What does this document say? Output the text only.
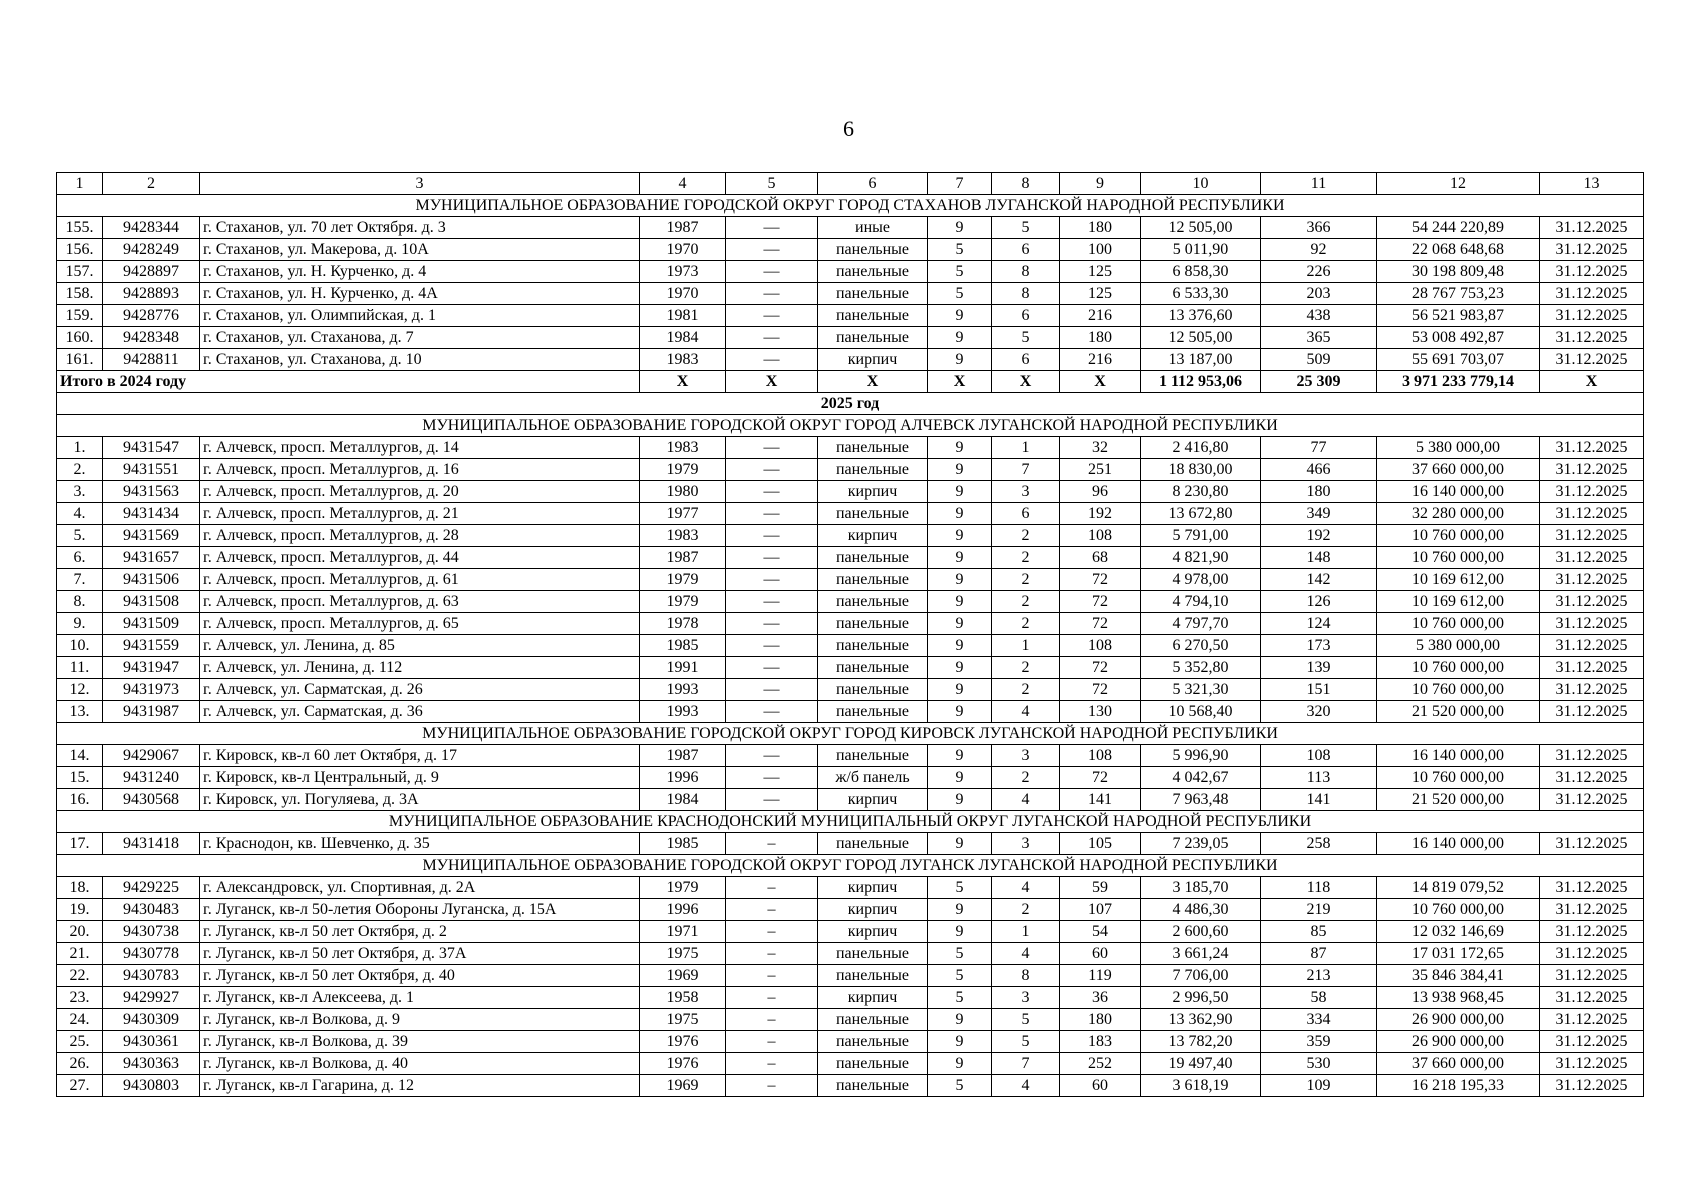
6
1	2	3	4	5	6	7	8	9	10	11	12	13
МУНИЦИПАЛЬНОЕ ОБРАЗОВАНИЕ ГОРОДСКОЙ ОКРУГ ГОРОД СТАХАНОВ ЛУГАНСКОЙ НАРОДНОЙ РЕСПУБЛИКИ												
155.	9428344	г. Стаханов, ул. 70 лет Октября. д. 3	1987	—	иные	9	5	180	12 505,00	366	54 244 220,89	31.12.2025
156.	9428249	г. Стаханов, ул. Макерова, д. 10А	1970	—	панельные	5	6	100	5 011,90	92	22 068 648,68	31.12.2025
157.	9428897	г. Стаханов, ул. Н. Курченко, д. 4	1973	—	панельные	5	8	125	6 858,30	226	30 198 809,48	31.12.2025
158.	9428893	г. Стаханов, ул. Н. Курченко, д. 4А	1970	—	панельные	5	8	125	6 533,30	203	28 767 753,23	31.12.2025
159.	9428776	г. Стаханов, ул. Олимпийская, д. 1	1981	—	панельные	9	6	216	13 376,60	438	56 521 983,87	31.12.2025
160.	9428348	г. Стаханов, ул. Стаханова, д. 7	1984	—	панельные	9	5	180	12 505,00	365	53 008 492,87	31.12.2025
161.	9428811	г. Стаханов, ул. Стаханова, д. 10	1983	—	кирпич	9	6	216	13 187,00	509	55 691 703,07	31.12.2025
Итого в 2024 году			X	X	X	X	X	X	1 112 953,06	25 309	3 971 233 779,14	X
2025 год												
МУНИЦИПАЛЬНОЕ ОБРАЗОВАНИЕ ГОРОДСКОЙ ОКРУГ ГОРОД АЛЧЕВСК ЛУГАНСКОЙ НАРОДНОЙ РЕСПУБЛИКИ												
1.	9431547	г. Алчевск, просп. Металлургов, д. 14	1983	—	панельные	9	1	32	2 416,80	77	5 380 000,00	31.12.2025
2.	9431551	г. Алчевск, просп. Металлургов, д. 16	1979	—	панельные	9	7	251	18 830,00	466	37 660 000,00	31.12.2025
3.	9431563	г. Алчевск, просп. Металлургов, д. 20	1980	—	кирпич	9	3	96	8 230,80	180	16 140 000,00	31.12.2025
4.	9431434	г. Алчевск, просп. Металлургов, д. 21	1977	—	панельные	9	6	192	13 672,80	349	32 280 000,00	31.12.2025
5.	9431569	г. Алчевск, просп. Металлургов, д. 28	1983	—	кирпич	9	2	108	5 791,00	192	10 760 000,00	31.12.2025
6.	9431657	г. Алчевск, просп. Металлургов, д. 44	1987	—	панельные	9	2	68	4 821,90	148	10 760 000,00	31.12.2025
7.	9431506	г. Алчевск, просп. Металлургов, д. 61	1979	—	панельные	9	2	72	4 978,00	142	10 169 612,00	31.12.2025
8.	9431508	г. Алчевск, просп. Металлургов, д. 63	1979	—	панельные	9	2	72	4 794,10	126	10 169 612,00	31.12.2025
9.	9431509	г. Алчевск, просп. Металлургов, д. 65	1978	—	панельные	9	2	72	4 797,70	124	10 760 000,00	31.12.2025
10.	9431559	г. Алчевск, ул. Ленина, д. 85	1985	—	панельные	9	1	108	6 270,50	173	5 380 000,00	31.12.2025
11.	9431947	г. Алчевск, ул. Ленина, д. 112	1991	—	панельные	9	2	72	5 352,80	139	10 760 000,00	31.12.2025
12.	9431973	г. Алчевск, ул. Сарматская, д. 26	1993	—	панельные	9	2	72	5 321,30	151	10 760 000,00	31.12.2025
13.	9431987	г. Алчевск, ул. Сарматская, д. 36	1993	—	панельные	9	4	130	10 568,40	320	21 520 000,00	31.12.2025
МУНИЦИПАЛЬНОЕ ОБРАЗОВАНИЕ ГОРОДСКОЙ ОКРУГ ГОРОД КИРОВСК ЛУГАНСКОЙ НАРОДНОЙ РЕСПУБЛИКИ												
14.	9429067	г. Кировск, кв-л 60 лет Октября, д. 17	1987	—	панельные	9	3	108	5 996,90	108	16 140 000,00	31.12.2025
15.	9431240	г. Кировск, кв-л Центральный, д. 9	1996	—	ж/б панель	9	2	72	4 042,67	113	10 760 000,00	31.12.2025
16.	9430568	г. Кировск, ул. Погуляева, д. 3А	1984	—	кирпич	9	4	141	7 963,48	141	21 520 000,00	31.12.2025
МУНИЦИПАЛЬНОЕ ОБРАЗОВАНИЕ КРАСНОДОНСКИЙ МУНИЦИПАЛЬНЫЙ ОКРУГ ЛУГАНСКОЙ НАРОДНОЙ РЕСПУБЛИКИ												
17.	9431418	г. Краснодон, кв. Шевченко, д. 35	1985	–	панельные	9	3	105	7 239,05	258	16 140 000,00	31.12.2025
МУНИЦИПАЛЬНОЕ ОБРАЗОВАНИЕ ГОРОДСКОЙ ОКРУГ ГОРОД ЛУГАНСК ЛУГАНСКОЙ НАРОДНОЙ РЕСПУБЛИКИ												
18.	9429225	г. Александровск, ул. Спортивная, д. 2А	1979	–	кирпич	5	4	59	3 185,70	118	14 819 079,52	31.12.2025
19.	9430483	г. Луганск, кв-л 50-летия Обороны Луганска, д. 15А	1996	–	кирпич	9	2	107	4 486,30	219	10 760 000,00	31.12.2025
20.	9430738	г. Луганск, кв-л 50 лет Октября, д. 2	1971	–	кирпич	9	1	54	2 600,60	85	12 032 146,69	31.12.2025
21.	9430778	г. Луганск, кв-л 50 лет Октября, д. 37А	1975	–	панельные	5	4	60	3 661,24	87	17 031 172,65	31.12.2025
22.	9430783	г. Луганск, кв-л 50 лет Октября, д. 40	1969	–	панельные	5	8	119	7 706,00	213	35 846 384,41	31.12.2025
23.	9429927	г. Луганск, кв-л Алексеева, д. 1	1958	–	кирпич	5	3	36	2 996,50	58	13 938 968,45	31.12.2025
24.	9430309	г. Луганск, кв-л Волкова, д. 9	1975	–	панельные	9	5	180	13 362,90	334	26 900 000,00	31.12.2025
25.	9430361	г. Луганск, кв-л Волкова, д. 39	1976	–	панельные	9	5	183	13 782,20	359	26 900 000,00	31.12.2025
26.	9430363	г. Луганск, кв-л Волкова, д. 40	1976	–	панельные	9	7	252	19 497,40	530	37 660 000,00	31.12.2025
27.	9430803	г. Луганск, кв-л Гагарина, д. 12	1969	–	панельные	5	4	60	3 618,19	109	16 218 195,33	31.12.2025
